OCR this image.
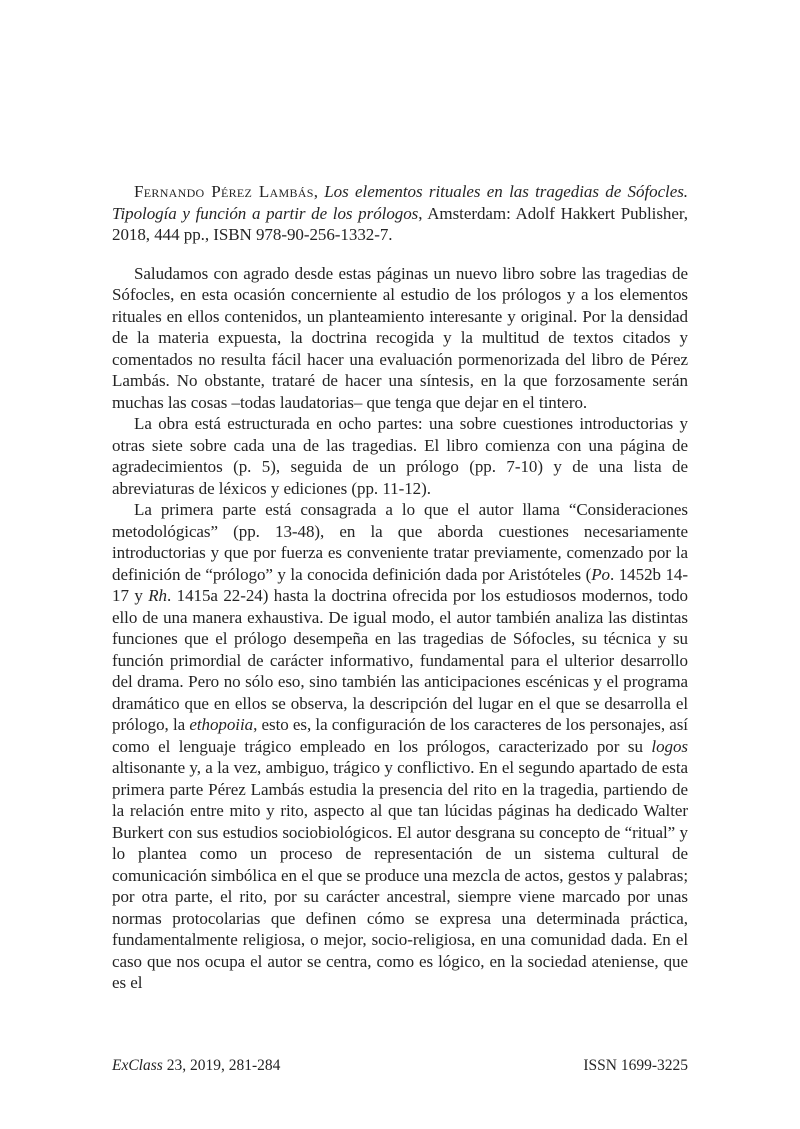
Fernando Pérez Lambás, Los elementos rituales en las tragedias de Sófocles. Tipología y función a partir de los prólogos, Amsterdam: Adolf Hakkert Publisher, 2018, 444 pp., ISBN 978-90-256-1332-7.

Saludamos con agrado desde estas páginas un nuevo libro sobre las tragedias de Sófocles, en esta ocasión concerniente al estudio de los prólogos y a los elementos rituales en ellos contenidos, un planteamiento interesante y original. Por la densidad de la materia expuesta, la doctrina recogida y la multitud de textos citados y comentados no resulta fácil hacer una evaluación pormenorizada del libro de Pérez Lambás. No obstante, trataré de hacer una síntesis, en la que forzosamente serán muchas las cosas –todas laudatorias– que tenga que dejar en el tintero.

La obra está estructurada en ocho partes: una sobre cuestiones introductorias y otras siete sobre cada una de las tragedias. El libro comienza con una página de agradecimientos (p. 5), seguida de un prólogo (pp. 7-10) y de una lista de abreviaturas de léxicos y ediciones (pp. 11-12).

La primera parte está consagrada a lo que el autor llama “Consideraciones metodológicas” (pp. 13-48), en la que aborda cuestiones necesariamente introductorias y que por fuerza es conveniente tratar previamente, comenzado por la definición de “prólogo” y la conocida definición dada por Aristóteles (Po. 1452b 14-17 y Rh. 1415a 22-24) hasta la doctrina ofrecida por los estudiosos modernos, todo ello de una manera exhaustiva. De igual modo, el autor también analiza las distintas funciones que el prólogo desempeña en las tragedias de Sófocles, su técnica y su función primordial de carácter informativo, fundamental para el ulterior desarrollo del drama. Pero no sólo eso, sino también las anticipaciones escénicas y el programa dramático que en ellos se observa, la descripción del lugar en el que se desarrolla el prólogo, la ethopoiia, esto es, la configuración de los caracteres de los personajes, así como el lenguaje trágico empleado en los prólogos, caracterizado por su logos altisonante y, a la vez, ambiguo, trágico y conflictivo. En el segundo apartado de esta primera parte Pérez Lambás estudia la presencia del rito en la tragedia, partiendo de la relación entre mito y rito, aspecto al que tan lúcidas páginas ha dedicado Walter Burkert con sus estudios sociobiológicos. El autor desgrana su concepto de “ritual” y lo plantea como un proceso de representación de un sistema cultural de comunicación simbólica en el que se produce una mezcla de actos, gestos y palabras; por otra parte, el rito, por su carácter ancestral, siempre viene marcado por unas normas protocolarias que definen cómo se expresa una determinada práctica, fundamentalmente religiosa, o mejor, socio-religiosa, en una comunidad dada. En el caso que nos ocupa el autor se centra, como es lógico, en la sociedad ateniense, que es el

ExClass 23, 2019, 281-284	ISSN 1699-3225
